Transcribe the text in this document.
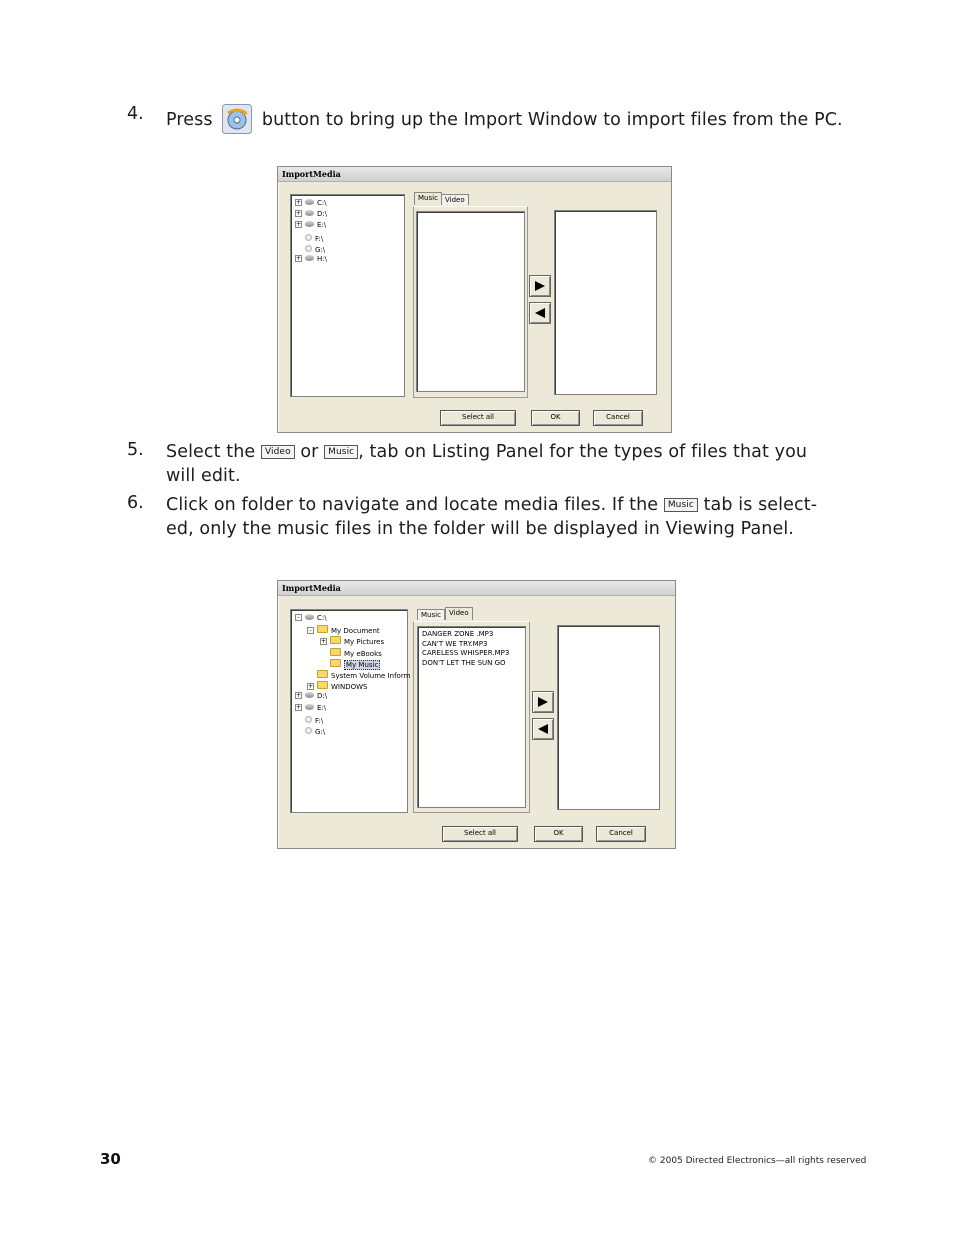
4. Press	button to bring up the Import Window to import files from the PC.
ImportMedia
+ C:\
+ D:\
+ E:\
F:\
G:\
+ H:\
Music	Video
Select all	OK	Cancel
5. Select the Video or Music , tab on Listing Panel for the types of files that you
will edit.
6. Click on folder to navigate and locate media files. If the Music tab is select-
ed, only the music files in the folder will be displayed in Viewing Panel.
ImportMedia
- C:\
-	My Document
+	My Pictures
My eBooks
My Music
System Volume Inform
+	WINDOWS
+ D:\
+ E:\
F:\
G:\
Music	Video
DANGER ZONE .MP3
CAN'T WE TRY.MP3
CARELESS WHISPER.MP3
DON'T LET THE SUN GO
Select all	OK	Cancel
30	© 2005 Directed Electronics—all rights reserved
